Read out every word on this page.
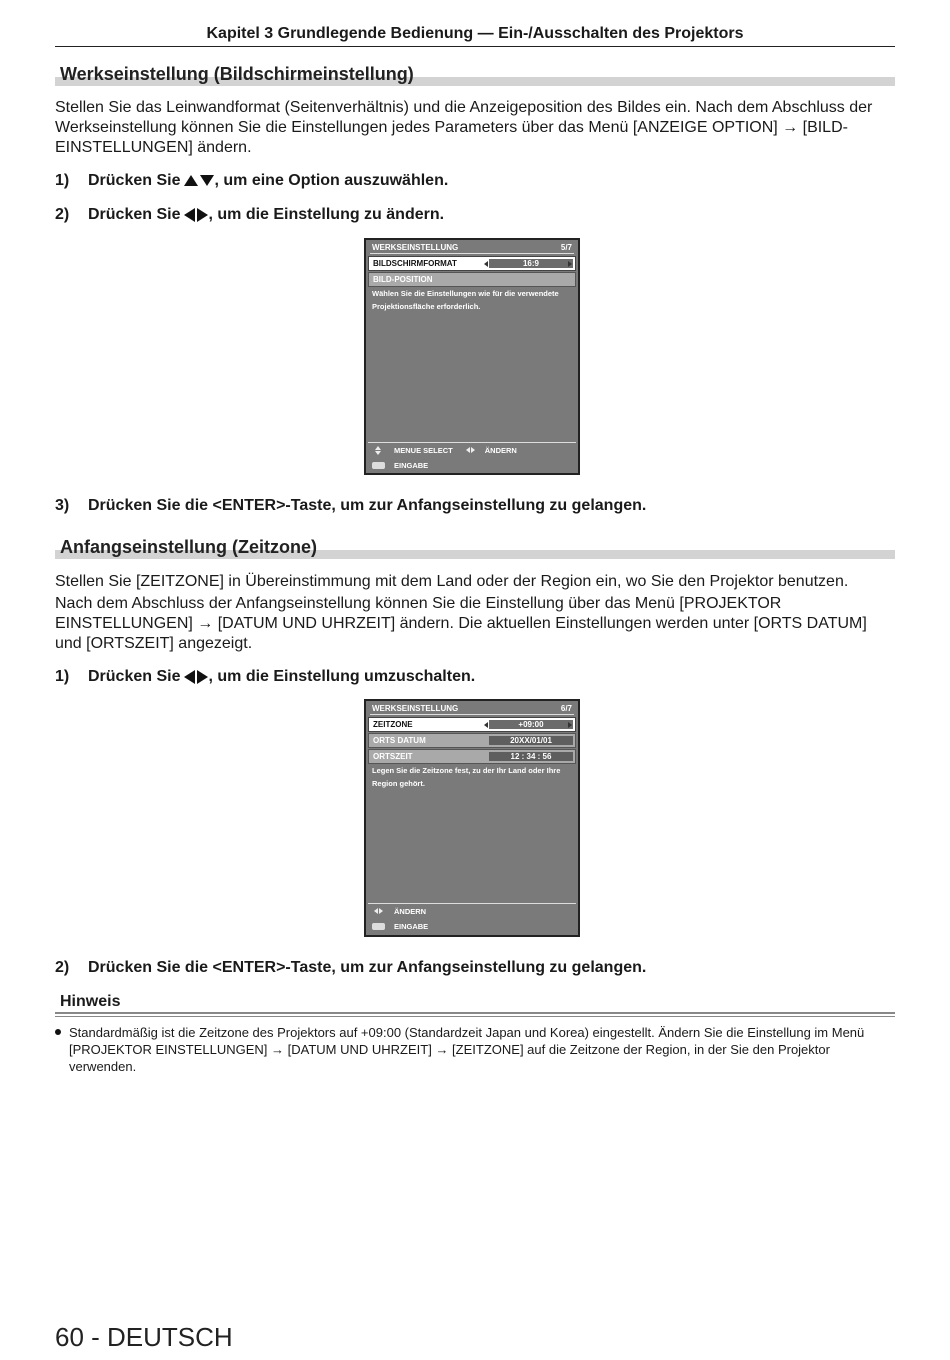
Kapitel 3 Grundlegende Bedienung — Ein-/Ausschalten des Projektors
Werkseinstellung (Bildschirmeinstellung)
Stellen Sie das Leinwandformat (Seitenverhältnis) und die Anzeigeposition des Bildes ein. Nach dem Abschluss der Werkseinstellung können Sie die Einstellungen jedes Parameters über das Menü [ANZEIGE OPTION] → [BILD-EINSTELLUNGEN] ändern.
1) Drücken Sie , um eine Option auszuwählen.
2) Drücken Sie , um die Einstellung zu ändern.
WERKSEINSTELLUNG	5/7
BILDSCHIRMFORMAT	16:9
BILD-POSITION
Wählen Sie die Einstellungen wie für die verwendete
Projektionsfläche erforderlich.
MENUE SELECT	ÄNDERN
EINGABE
3) Drücken Sie die <ENTER>-Taste, um zur Anfangseinstellung zu gelangen.
Anfangseinstellung (Zeitzone)
Stellen Sie [ZEITZONE] in Übereinstimmung mit dem Land oder der Region ein, wo Sie den Projektor benutzen.
Nach dem Abschluss der Anfangseinstellung können Sie die Einstellung über das Menü [PROJEKTOR EINSTELLUNGEN] → [DATUM UND UHRZEIT] ändern. Die aktuellen Einstellungen werden unter [ORTS DATUM] und [ORTSZEIT] angezeigt.
1) Drücken Sie , um die Einstellung umzuschalten.
WERKSEINSTELLUNG	6/7
ZEITZONE	+09:00
ORTS DATUM	20XX/01/01
ORTSZEIT	12 : 34 : 56
Legen Sie die Zeitzone fest, zu der Ihr Land oder Ihre
Region gehört.
ÄNDERN
EINGABE
2) Drücken Sie die <ENTER>-Taste, um zur Anfangseinstellung zu gelangen.
Hinweis
Standardmäßig ist die Zeitzone des Projektors auf +09:00 (Standardzeit Japan und Korea) eingestellt. Ändern Sie die Einstellung im Menü [PROJEKTOR EINSTELLUNGEN] → [DATUM UND UHRZEIT] → [ZEITZONE] auf die Zeitzone der Region, in der Sie den Projektor verwenden.
60 - DEUTSCH
